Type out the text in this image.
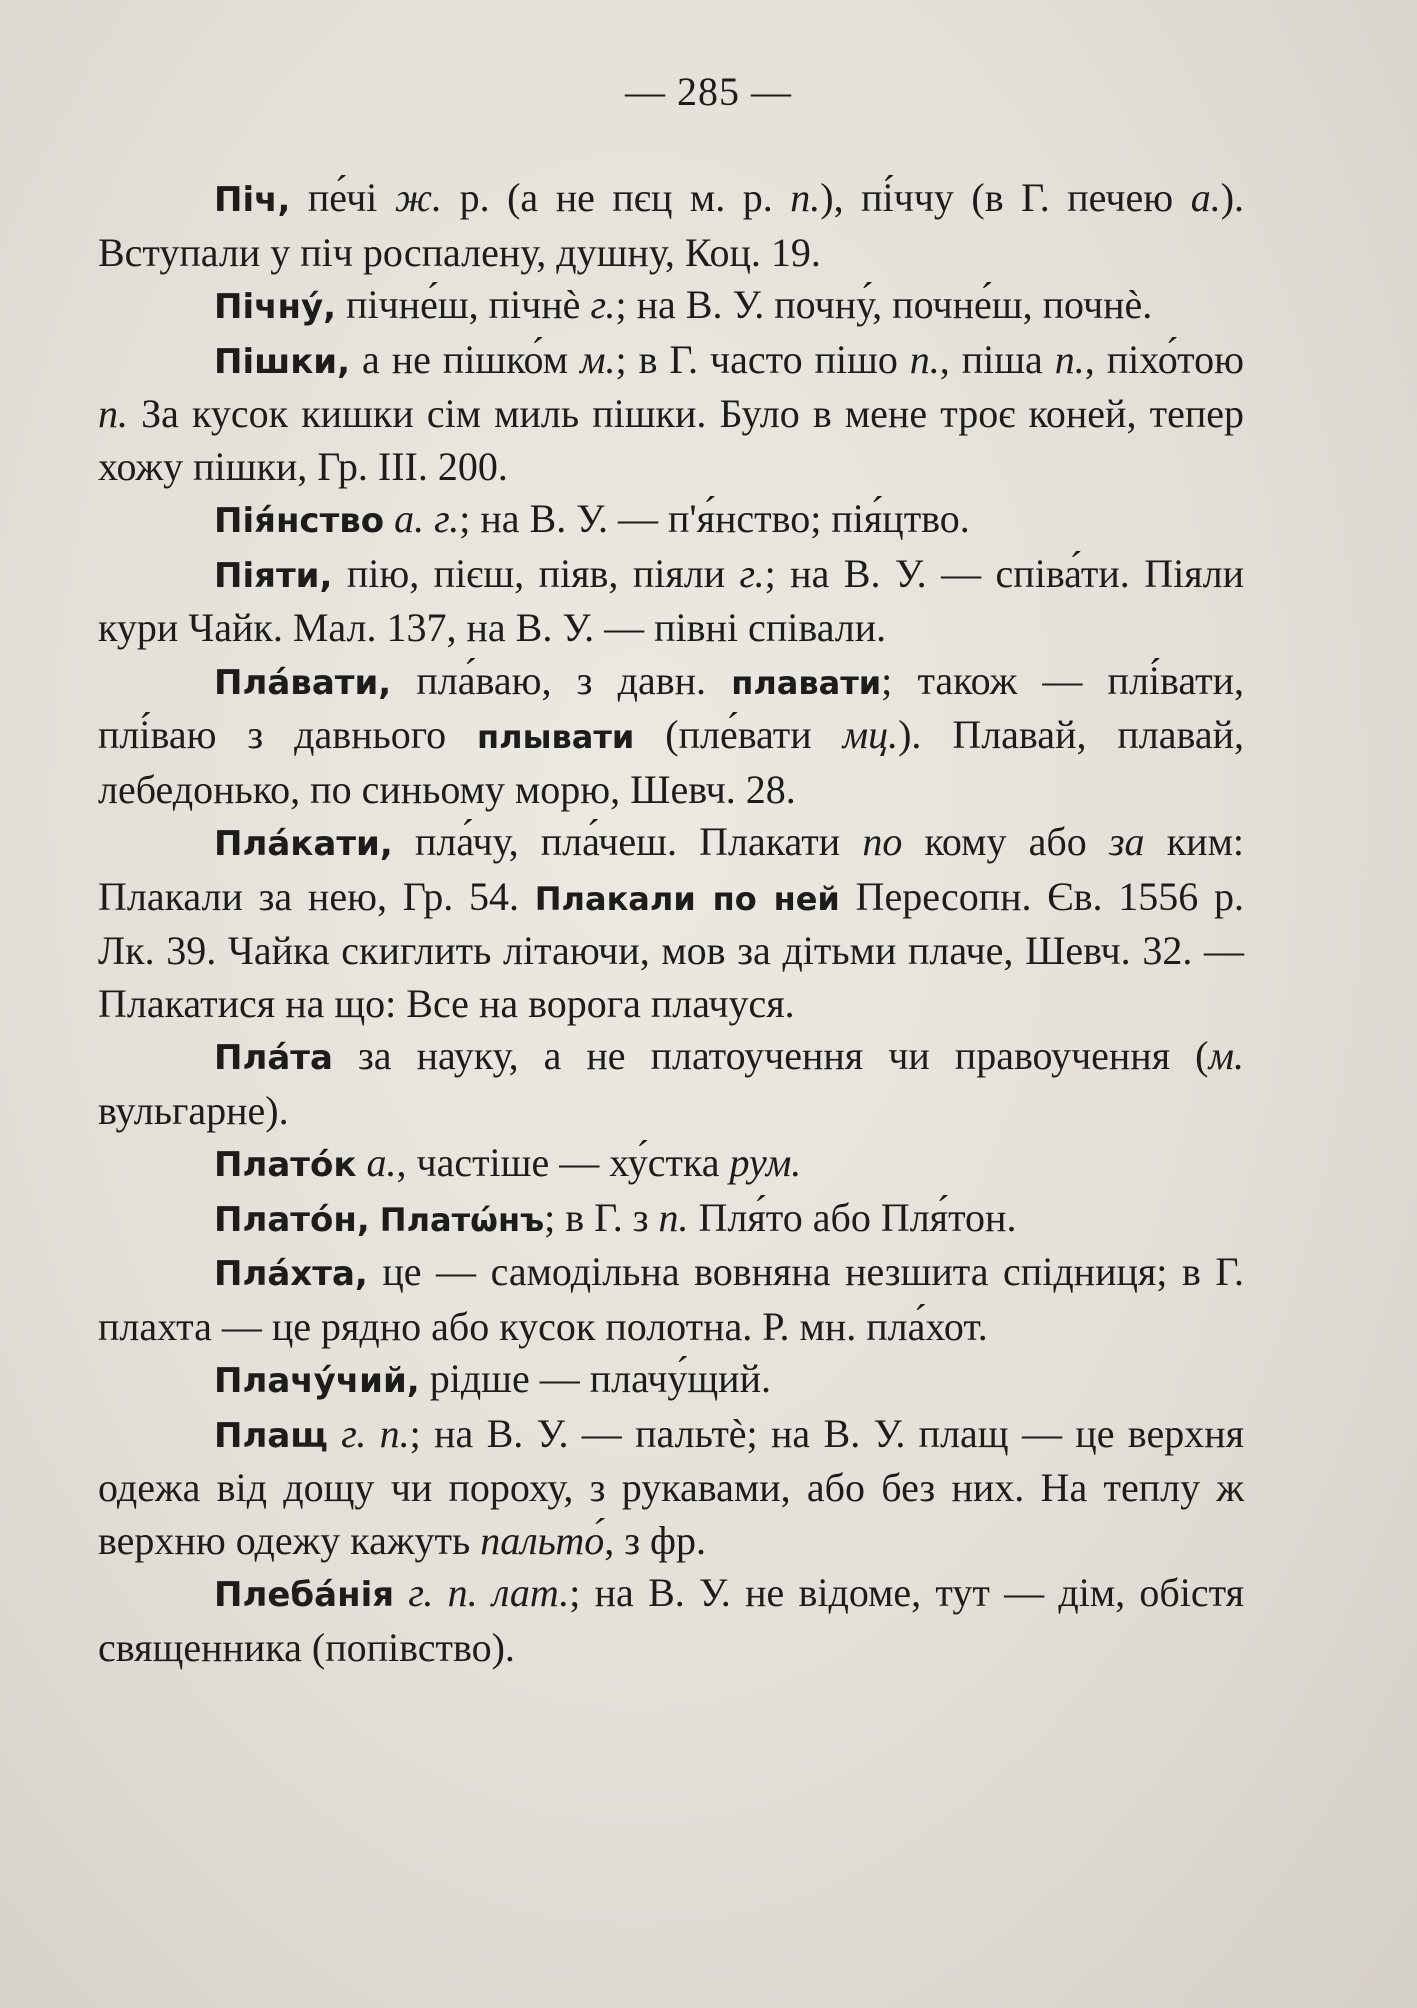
— 285 —

Піч, пе́чі ж. р. (а не пєц м. р. п.), пі́ччу (в Г. печею а.). Вступали у піч роспалену, душну, Коц. 19.

Пічну́, пічне́ш, пічнѐ г.; на В. У. почну́, почне́ш, почнѐ.

Пішки, а не пішко́м м.; в Г. часто пішо п., піша п., піхо́тою п. За кусок кишки сім миль пішки. Було в мене троє коней, тепер хожу пішки, Гр. III. 200.

Пія́нство а. г.; на В. У. — п'я́нство; пія́цтво.

Піяти, пію, пієш, піяв, піяли г.; на В. У. — співа́ти. Піяли кури Чайк. Мал. 137, на В. У. — півні співали.

Пла́вати, пла́ваю, з давн. плавати; також — плі́вати, плі́ваю з давнього плывати (пле́вати мц.). Плавай, плавай, лебедонько, по синьому морю, Шевч. 28.

Пла́кати, пла́чу, пла́чеш. Плакати по кому або за ким: Плакали за нею, Гр. 54. Плакали по ней Пересопн. Єв. 1556 р. Лк. 39. Чайка скиглить літаючи, мов за дітьми плаче, Шевч. 32. — Плакатися на що: Все на ворога плачуся.

Пла́та за науку, а не платоучення чи правоучення (м. вульгарне).

Плато́к а., частіше — ху́стка рум.

Плато́н, Платώнъ; в Г. з п. Пля́то або Пля́тон.

Пла́хта, це — самодільна вовняна незшита спідниця; в Г. плахта — це рядно або кусок полотна. Р. мн. пла́хот.

Плачу́чий, рідше — плачу́щий.

Плащ г. п.; на В. У. — пальтѐ; на В. У. плащ — це верхня одежа від дощу чи пороху, з рукавами, або без них. На теплу ж верхню одежу кажуть пальто́, з фр.

Плеба́нія г. п. лат.; на В. У. не відоме, тут — дім, обістя священника (попівство).
